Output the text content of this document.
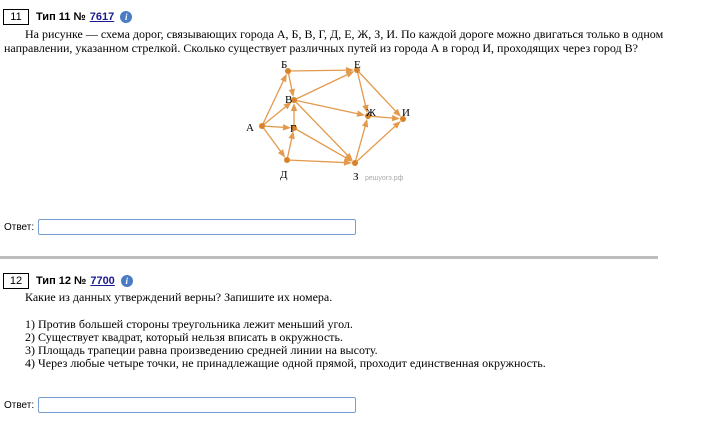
11	Тип 11 № 7617	i
На рисунке — схема дорог, связывающих города А, Б, В, Г, Д, Е, Ж, З, И. По каждой дороге можно двигаться только в одном
направлении, указанном стрелкой. Сколько существует различных путей из города А в город И, проходящих через город В?
А
Б
В
Г
Д
Е
Ж
З
И
решуогэ.рф
Ответ:
12	Тип 12 № 7700	i
Какие из данных утверждений верны? Запишите их номера.
1) Против большей стороны треугольника лежит меньший угол.
2) Существует квадрат, который нельзя вписать в окружность.
3) Площадь трапеции равна произведению средней линии на высоту.
4) Через любые четыре точки, не принадлежащие одной прямой, проходит единственная окружность.
Ответ:
